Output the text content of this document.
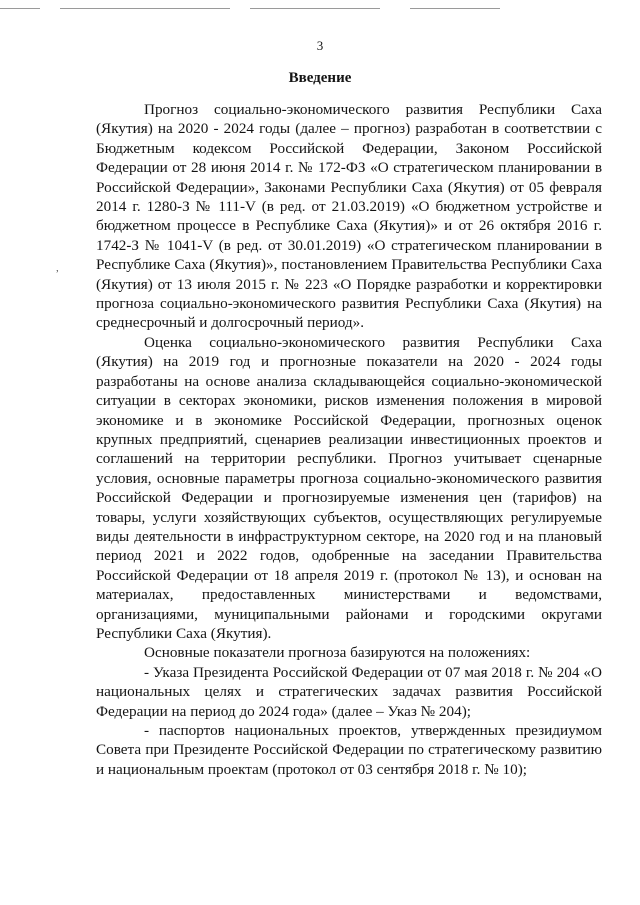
3
Введение
,

Прогноз социально-экономического развития Республики Саха (Якутия) на 2020 - 2024 годы (далее – прогноз) разработан в соответствии с Бюджетным кодексом Российской Федерации, Законом Российской Федерации от 28 июня 2014 г. № 172-ФЗ «О стратегическом планировании в Российской Федерации», Законами Республики Саха (Якутия) от 05 февраля 2014 г. 1280-З № 111-V (в ред. от 21.03.2019) «О бюджетном устройстве и бюджетном процессе в Республике Саха (Якутия)» и от 26 октября 2016 г. 1742-З № 1041-V (в ред. от 30.01.2019) «О стратегическом планировании в Республике Саха (Якутия)», постановлением Правительства Республики Саха (Якутия) от 13 июля 2015 г. № 223 «О Порядке разработки и корректировки прогноза социально-экономического развития Республики Саха (Якутия) на среднесрочный и долгосрочный период».

Оценка социально-экономического развития Республики Саха (Якутия) на 2019 год и прогнозные показатели на 2020 - 2024 годы разработаны на основе анализа складывающейся социально-экономической ситуации в секторах экономики, рисков изменения положения в мировой экономике и в экономике Российской Федерации, прогнозных оценок крупных предприятий, сценариев реализации инвестиционных проектов и соглашений на территории республики. Прогноз учитывает сценарные условия, основные параметры прогноза социально-экономического развития Российской Федерации и прогнозируемые изменения цен (тарифов) на товары, услуги хозяйствующих субъектов, осуществляющих регулируемые виды деятельности в инфраструктурном секторе, на 2020 год и на плановый период 2021 и 2022 годов, одобренные на заседании Правительства Российской Федерации от 18 апреля 2019 г. (протокол № 13), и основан на материалах, предоставленных министерствами и ведомствами, организациями, муниципальными районами и городскими округами Республики Саха (Якутия).

Основные показатели прогноза базируются на положениях:

- Указа Президента Российской Федерации от 07 мая 2018 г. № 204 «О национальных целях и стратегических задачах развития Российской Федерации на период до 2024 года» (далее – Указ № 204);

- паспортов национальных проектов, утвержденных президиумом Совета при Президенте Российской Федерации по стратегическому развитию и национальным проектам (протокол от 03 сентября 2018 г. № 10);
